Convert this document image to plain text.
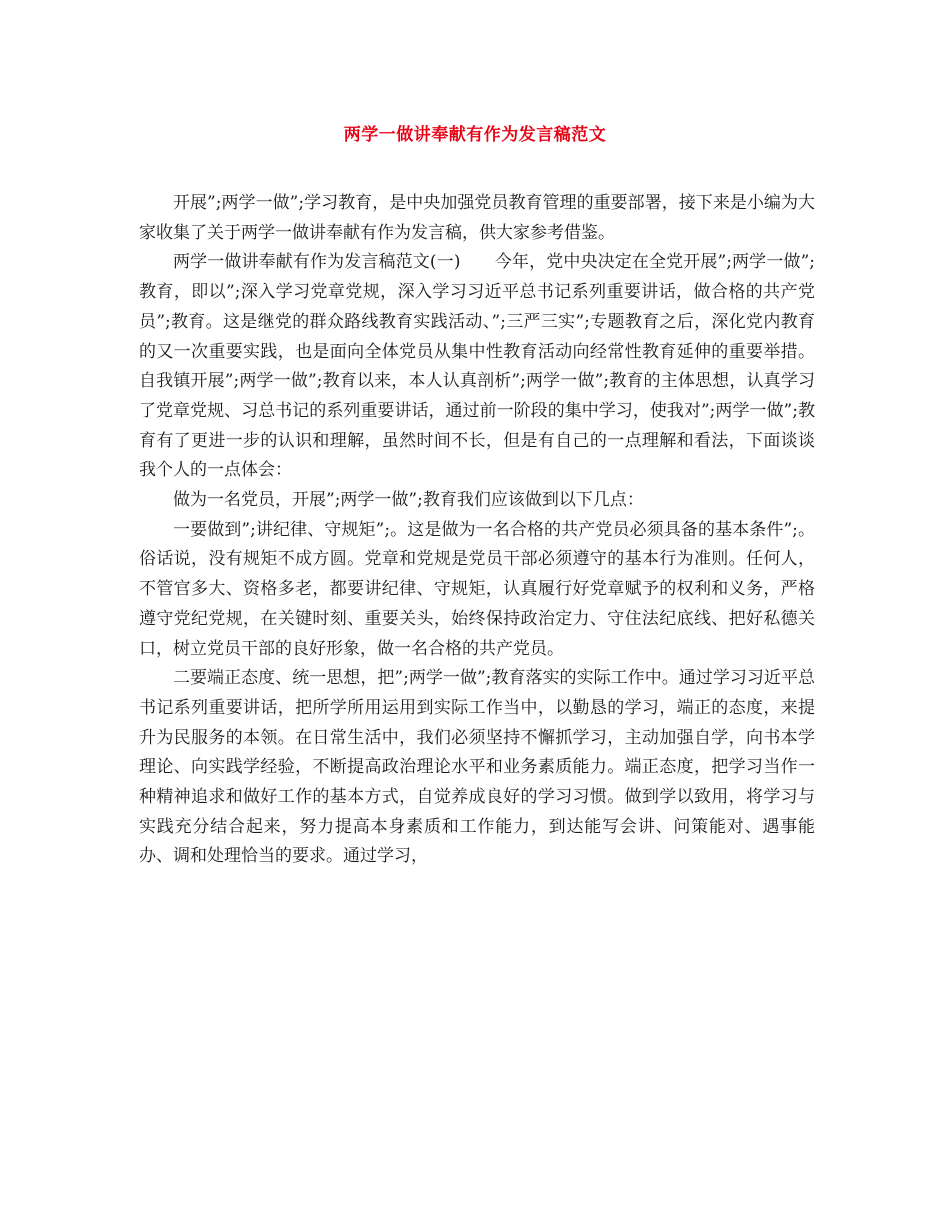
两学一做讲奉献有作为发言稿范文

开展”;两学一做”;学习教育，是中央加强党员教育管理的重要部署，接下来是小编为大家收集了关于两学一做讲奉献有作为发言稿，供大家参考借鉴。

两学一做讲奉献有作为发言稿范文(一)　　今年，党中央决定在全党开展”;两学一做”;教育，即以”;深入学习党章党规，深入学习习近平总书记系列重要讲话，做合格的共产党员”;教育。这是继党的群众路线教育实践活动、”;三严三实”;专题教育之后，深化党内教育的又一次重要实践，也是面向全体党员从集中性教育活动向经常性教育延伸的重要举措。自我镇开展”;两学一做”;教育以来，本人认真剖析”;两学一做”;教育的主体思想，认真学习了党章党规、习总书记的系列重要讲话，通过前一阶段的集中学习，使我对”;两学一做”;教育有了更进一步的认识和理解，虽然时间不长，但是有自己的一点理解和看法，下面谈谈我个人的一点体会：

做为一名党员，开展”;两学一做”;教育我们应该做到以下几点：

一要做到”;讲纪律、守规矩”;。这是做为一名合格的共产党员必须具备的基本条件”;。俗话说，没有规矩不成方圆。党章和党规是党员干部必须遵守的基本行为准则。任何人，不管官多大、资格多老，都要讲纪律、守规矩，认真履行好党章赋予的权利和义务，严格遵守党纪党规，在关键时刻、重要关头，始终保持政治定力、守住法纪底线、把好私德关口，树立党员干部的良好形象，做一名合格的共产党员。

二要端正态度、统一思想，把”;两学一做”;教育落实的实际工作中。通过学习习近平总书记系列重要讲话，把所学所用运用到实际工作当中，以勤恳的学习，端正的态度，来提升为民服务的本领。在日常生活中，我们必须坚持不懈抓学习，主动加强自学，向书本学理论、向实践学经验，不断提高政治理论水平和业务素质能力。端正态度，把学习当作一种精神追求和做好工作的基本方式，自觉养成良好的学习习惯。做到学以致用，将学习与实践充分结合起来，努力提高本身素质和工作能力，到达能写会讲、问策能对、遇事能办、调和处理恰当的要求。通过学习，
